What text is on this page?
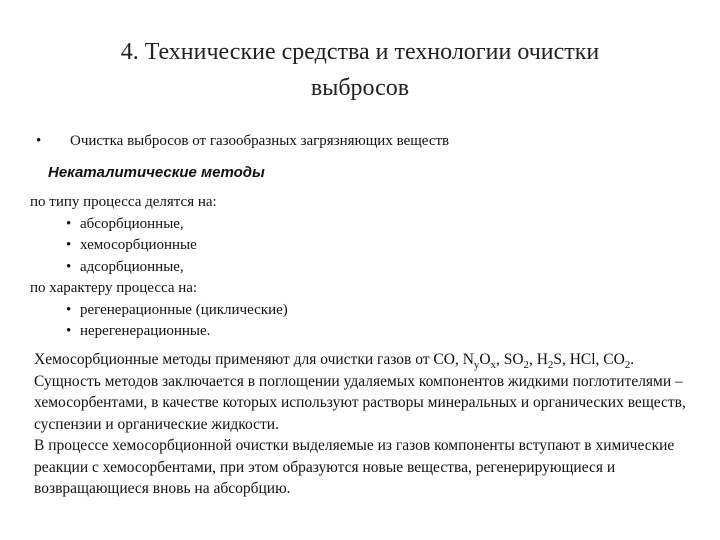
4. Технические средства и технологии очистки
выбросов
• Очистка выбросов от газообразных загрязняющих веществ
Некаталитические методы
по типу процесса делятся на:
• абсорбционные,
• хемосорбционные
• адсорбционные,
по характеру процесса на:
• регенерационные (циклические)
• нерегенерационные.
Хемосорбционные методы применяют для очистки газов от CO, $N_yO_x$, $SO_2$, $H_2S$, HCl, $CO_2$.
Сущность методов заключается в поглощении удаляемых компонентов жидкими поглотителями – хемосорбентами, в качестве которых используют растворы минеральных и органических веществ, суспензии и органические жидкости.
В процессе хемосорбционной очистки выделяемые из газов компоненты вступают в химические реакции с хемосорбентами, при этом образуются новые вещества, регенерирующиеся и возвращающиеся вновь на абсорбцию.
